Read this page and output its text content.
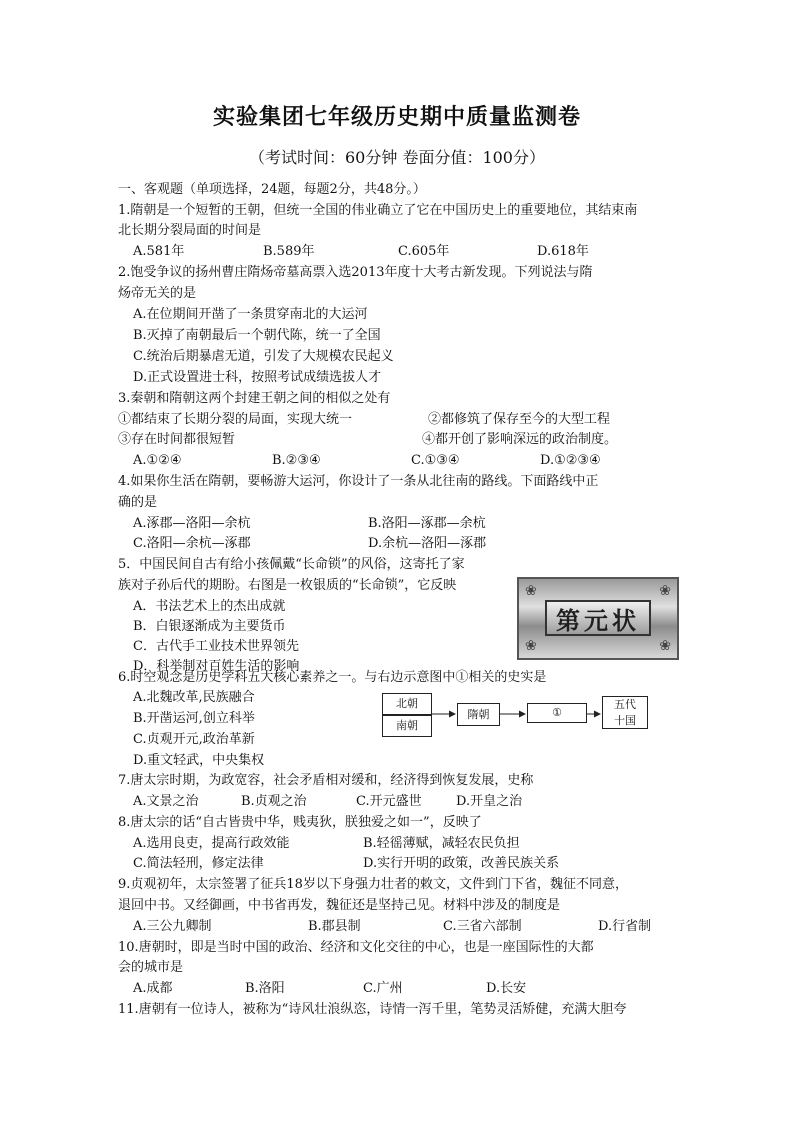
实验集团七年级历史期中质量监测卷
（考试时间：60分钟 卷面分值：100分）
一、客观题（单项选择，24题，每题2分，共48分。）
1.隋朝是一个短暂的王朝，但统一全国的伟业确立了它在中国历史上的重要地位，其结束南
北长期分裂局面的时间是
A.581年	B.589年	C.605年	D.618年
2.饱受争议的扬州曹庄隋炀帝墓高票入选2013年度十大考古新发现。下列说法与隋
炀帝无关的是
A.在位期间开凿了一条贯穿南北的大运河
B.灭掉了南朝最后一个朝代陈，统一了全国
C.统治后期暴虐无道，引发了大规模农民起义
D.正式设置进士科，按照考试成绩选拔人才
3.秦朝和隋朝这两个封建王朝之间的相似之处有
①都结束了长期分裂的局面，实现大统一	②都修筑了保存至今的大型工程
③存在时间都很短暂	④都开创了影响深远的政治制度。
A.①②④	B.②③④	C.①③④	D.①②③④
4.如果你生活在隋朝，要畅游大运河，你设计了一条从北往南的路线。下面路线中正
确的是
A.涿郡—洛阳—余杭	B.洛阳—涿郡—余杭
C.洛阳—余杭—涿郡	D.余杭—洛阳—涿郡
5．中国民间自古有给小孩佩戴“长命锁”的风俗，这寄托了家
族对子孙后代的期盼。右图是一枚银质的“长命锁”，它反映
A．书法艺术上的杰出成就
B．白银逐渐成为主要货币
C．古代手工业技术世界领先
D．科举制对百姓生活的影响
❀	❀
❀	❀
第元状
6.时空观念是历史学科五大核心素养之一。与右边示意图中①相关的史实是
A.北魏改革,民族融合
B.开凿运河,创立科举
C.贞观开元,政治革新
D.重文轻武，中央集权
北朝
南朝
隋朝	①
五代
十国
7.唐太宗时期，为政宽容，社会矛盾相对缓和，经济得到恢复发展，史称
A.文景之治	B.贞观之治	C.开元盛世	D.开皇之治
8.唐太宗的话“自古皆贵中华，贱夷狄，朕独爱之如一”，反映了
A.选用良吏，提高行政效能	B.轻徭薄赋，减轻农民负担
C.简法轻刑，修定法律	D.实行开明的政策，改善民族关系
9.贞观初年，太宗签署了征兵18岁以下身强力壮者的敕文，文件到门下省，魏征不同意，
退回中书。又经御画，中书省再发，魏征还是坚持己见。材料中涉及的制度是
A.三公九卿制	B.郡县制	C.三省六部制	D.行省制
10.唐朝时，即是当时中国的政治、经济和文化交往的中心，也是一座国际性的大都
会的城市是
A.成都	B.洛阳	C.广州	D.长安
11.唐朝有一位诗人，被称为“诗风壮浪纵恣，诗情一泻千里，笔势灵活矫健，充满大胆夸
